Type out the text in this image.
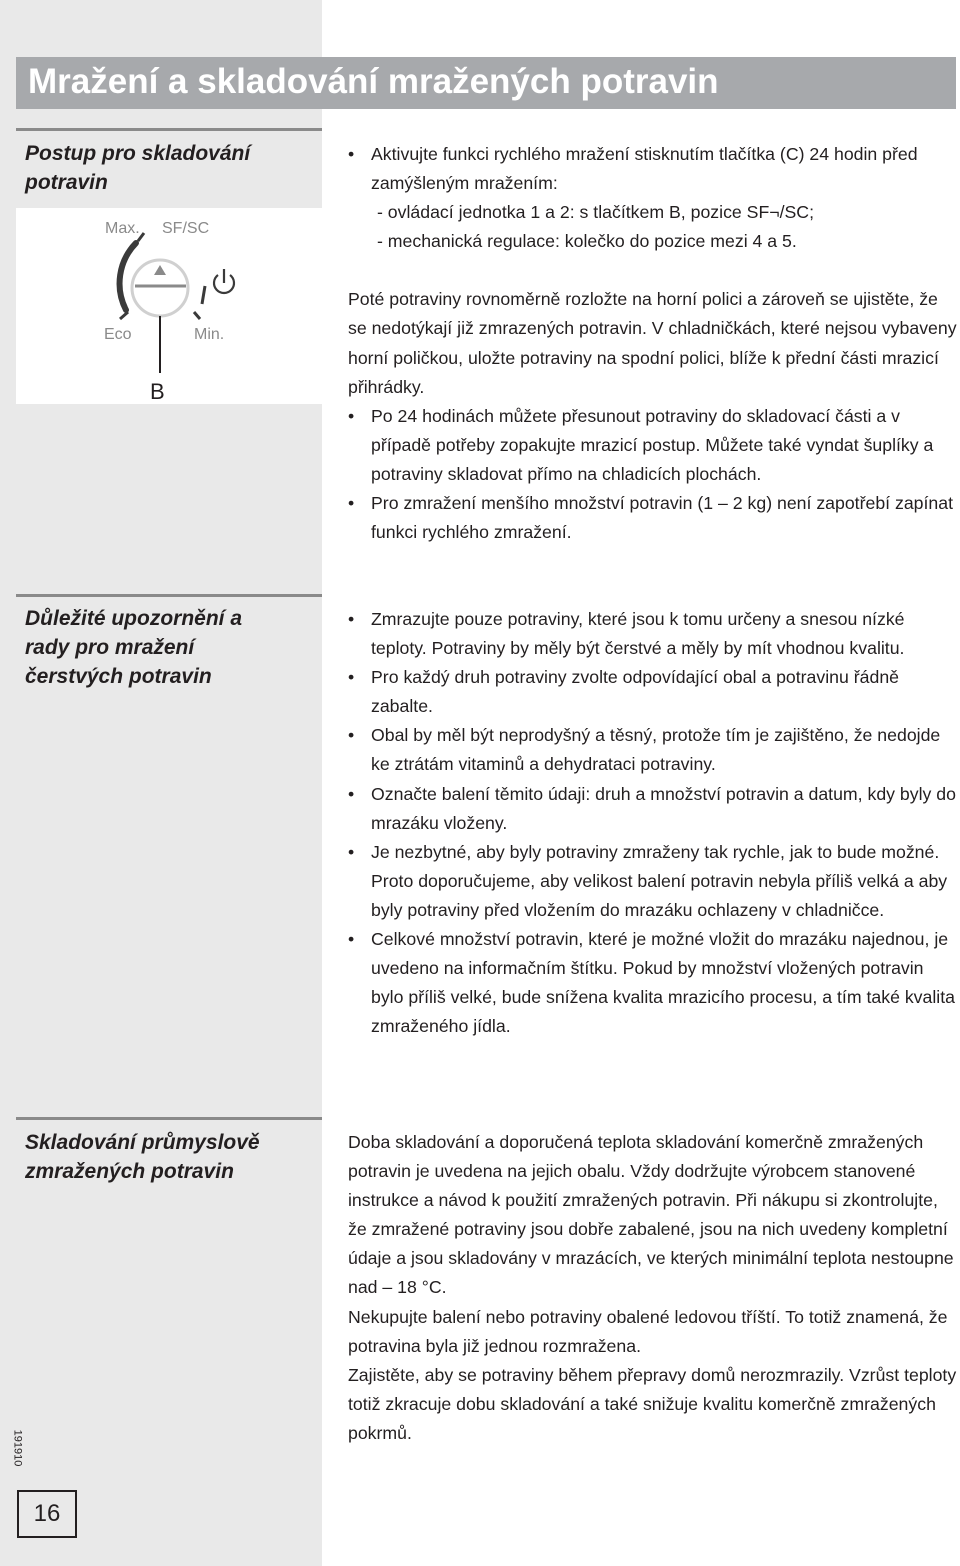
Mražení a skladování mražených potravin
Postup pro skladování potravin
Max. SF/SC
Eco	Min.
B
• Aktivujte funkci rychlého mražení stisknutím tlačítka (C) 24 hodin před zamýšleným mražením:
- ovládací jednotka 1 a 2: s tlačítkem B, pozice SF¬/SC;
- mechanická regulace: kolečko do pozice mezi 4 a 5.

Poté potraviny rovnoměrně rozložte na horní polici a zároveň se ujistěte, že se nedotýkají již zmrazených potravin. V chladničkách, které nejsou vybaveny horní poličkou, uložte potraviny na spodní polici, blíže k přední části mrazicí přihrádky.

• Po 24 hodinách můžete přesunout potraviny do skladovací části a v případě potřeby zopakujte mrazicí postup. Můžete také vyndat šuplíky a potraviny skladovat přímo na chladicích plochách.
• Pro zmražení menšího množství potravin (1 – 2 kg) není zapotřebí zapínat funkci rychlého zmražení.
Důležité upozornění a rady pro mražení čerstvých potravin
• Zmrazujte pouze potraviny, které jsou k tomu určeny a snesou nízké teploty. Potraviny by měly být čerstvé a měly by mít vhodnou kvalitu.
• Pro každý druh potraviny zvolte odpovídající obal a potravinu řádně zabalte.
• Obal by měl být neprodyšný a těsný, protože tím je zajištěno, že nedojde ke ztrátám vitaminů a dehydrataci potraviny.
• Označte balení těmito údaji: druh a množství potravin a datum, kdy byly do mrazáku vloženy.
• Je nezbytné, aby byly potraviny zmraženy tak rychle, jak to bude možné. Proto doporučujeme, aby velikost balení potravin nebyla příliš velká a aby byly potraviny před vložením do mrazáku ochlazeny v chladničce.
• Celkové množství potravin, které je možné vložit do mrazáku najednou, je uvedeno na informačním štítku. Pokud by množství vložených potravin bylo příliš velké, bude snížena kvalita mrazicího procesu, a tím také kvalita zmraženého jídla.
Skladování průmyslově zmražených potravin

Doba skladování a doporučená teplota skladování komerčně zmražených potravin je uvedena na jejich obalu. Vždy dodržujte výrobcem stanovené instrukce a návod k použití zmražených potravin. Při nákupu si zkontrolujte, že zmražené potraviny jsou dobře zabalené, jsou na nich uvedeny kompletní údaje a jsou skladovány v mrazácích, ve kterých minimální teplota nestoupne nad – 18 °C.

Nekupujte balení nebo potraviny obalené ledovou tříští. To totiž znamená, že potravina byla již jednou rozmražena.

Zajistěte, aby se potraviny během přepravy domů nerozmrazily. Vzrůst teploty totiž zkracuje dobu skladování a také snižuje kvalitu komerčně zmražených pokrmů.

191910
16
